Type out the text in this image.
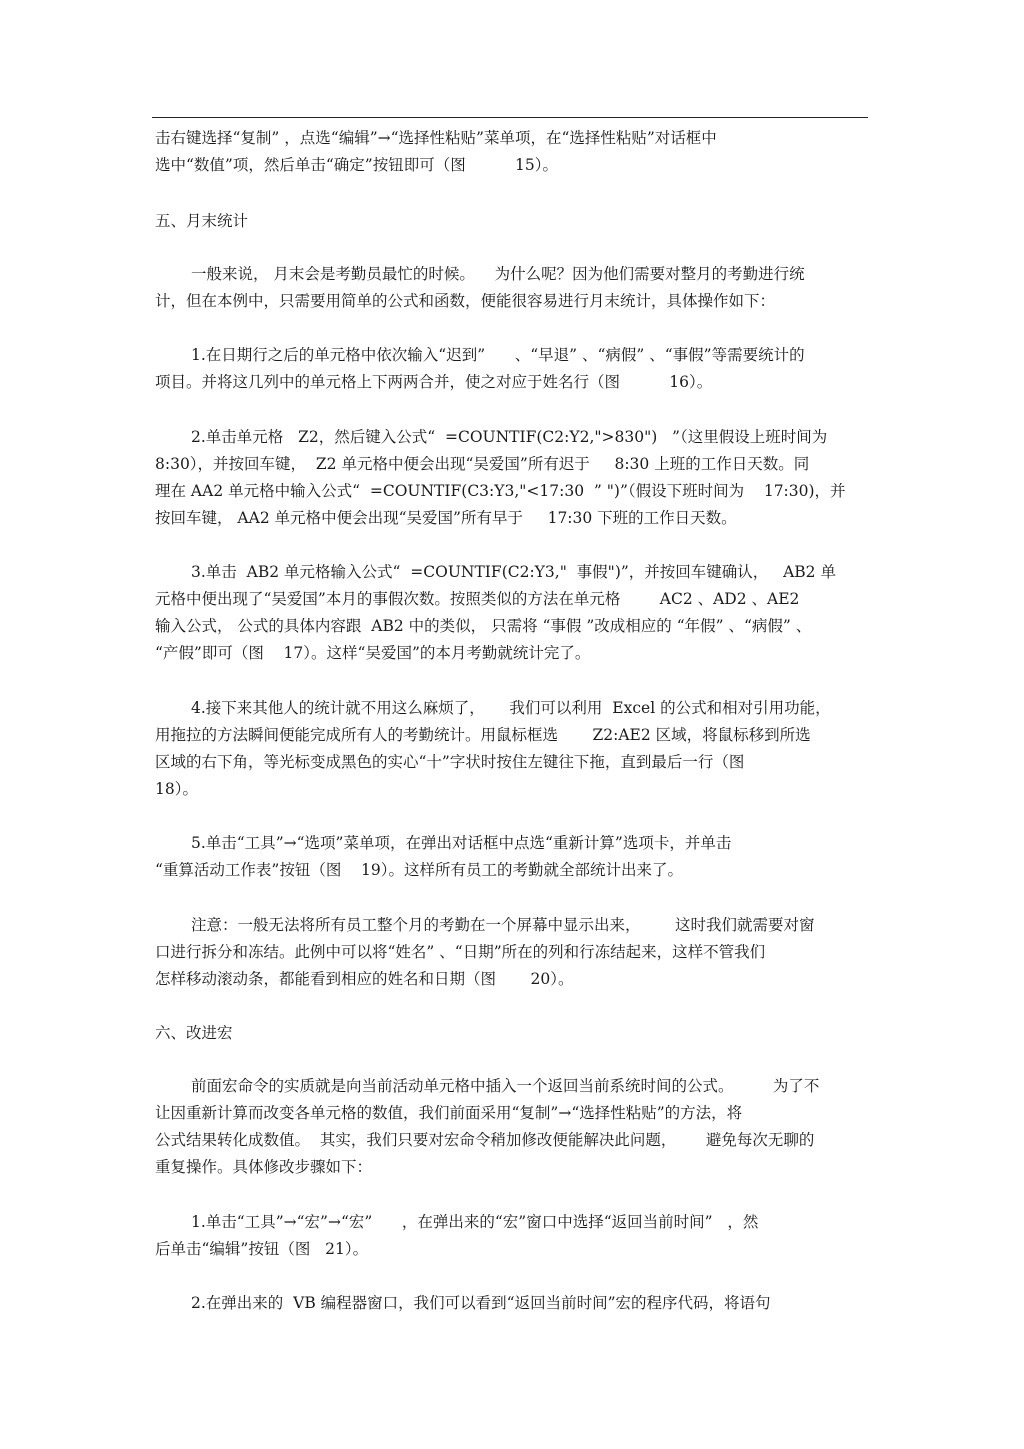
击右键选择“复制” ，点选“编辑”→“选择性粘贴”菜单项，在“选择性粘贴”对话框中
选中“数值”项，然后单击“确定”按钮即可（图          15）。
五、月末统计
一般来说， 月末会是考勤员最忙的时候。    为什么呢？因为他们需要对整月的考勤进行统
计，但在本例中，只需要用简单的公式和函数，便能很容易进行月末统计，具体操作如下：
1.在日期行之后的单元格中依次输入“迟到”      、“早退” 、“病假” 、“事假”等需要统计的
项目。并将这几列中的单元格上下两两合并，使之对应于姓名行（图          16）。
2.单击单元格   Z2，然后键入公式“  =COUNTIF(C2:Y2,">830")   ”（这里假设上班时间为
8:30），并按回车键，  Z2 单元格中便会出现“吴爱国”所有迟于     8:30 上班的工作日天数。同
理在 AA2 单元格中输入公式“  =COUNTIF(C3:Y3,"<17:30  ” ")”（假设下班时间为    17:30)，并
按回车键， AA2 单元格中便会出现“吴爱国”所有早于     17:30 下班的工作日天数。
3.单击  AB2 单元格输入公式“  =COUNTIF(C2:Y3,"  事假")”，并按回车键确认，   AB2 单
元格中便出现了“吴爱国”本月的事假次数。按照类似的方法在单元格        AC2 、AD2 、AE2
输入公式， 公式的具体内容跟  AB2 中的类似， 只需将 “事假 ”改成相应的 “年假” 、“病假” 、
“产假”即可（图    17）。这样“吴爱国”的本月考勤就统计完了。
4.接下来其他人的统计就不用这么麻烦了，     我们可以利用  Excel 的公式和相对引用功能，
用拖拉的方法瞬间便能完成所有人的考勤统计。用鼠标框选       Z2:AE2 区域，将鼠标移到所选
区域的右下角，等光标变成黑色的实心“十”字状时按住左键往下拖，直到最后一行（图
18）。
5.单击“工具”→“选项”菜单项，在弹出对话框中点选“重新计算”选项卡，并单击
“重算活动工作表”按钮（图    19）。这样所有员工的考勤就全部统计出来了。
注意：一般无法将所有员工整个月的考勤在一个屏幕中显示出来，       这时我们就需要对窗
口进行拆分和冻结。此例中可以将“姓名” 、“日期”所在的列和行冻结起来，这样不管我们
怎样移动滚动条，都能看到相应的姓名和日期（图       20）。
六、改进宏
前面宏命令的实质就是向当前活动单元格中插入一个返回当前系统时间的公式。        为了不
让因重新计算而改变各单元格的数值，我们前面采用“复制”→“选择性粘贴”的方法，将
公式结果转化成数值。  其实，我们只要对宏命令稍加修改便能解决此问题，      避免每次无聊的
重复操作。具体修改步骤如下：
1.单击“工具”→“宏”→“宏”      ，在弹出来的“宏”窗口中选择“返回当前时间”   ，然
后单击“编辑”按钮（图   21）。
2.在弹出来的  VB 编程器窗口，我们可以看到“返回当前时间”宏的程序代码，将语句
